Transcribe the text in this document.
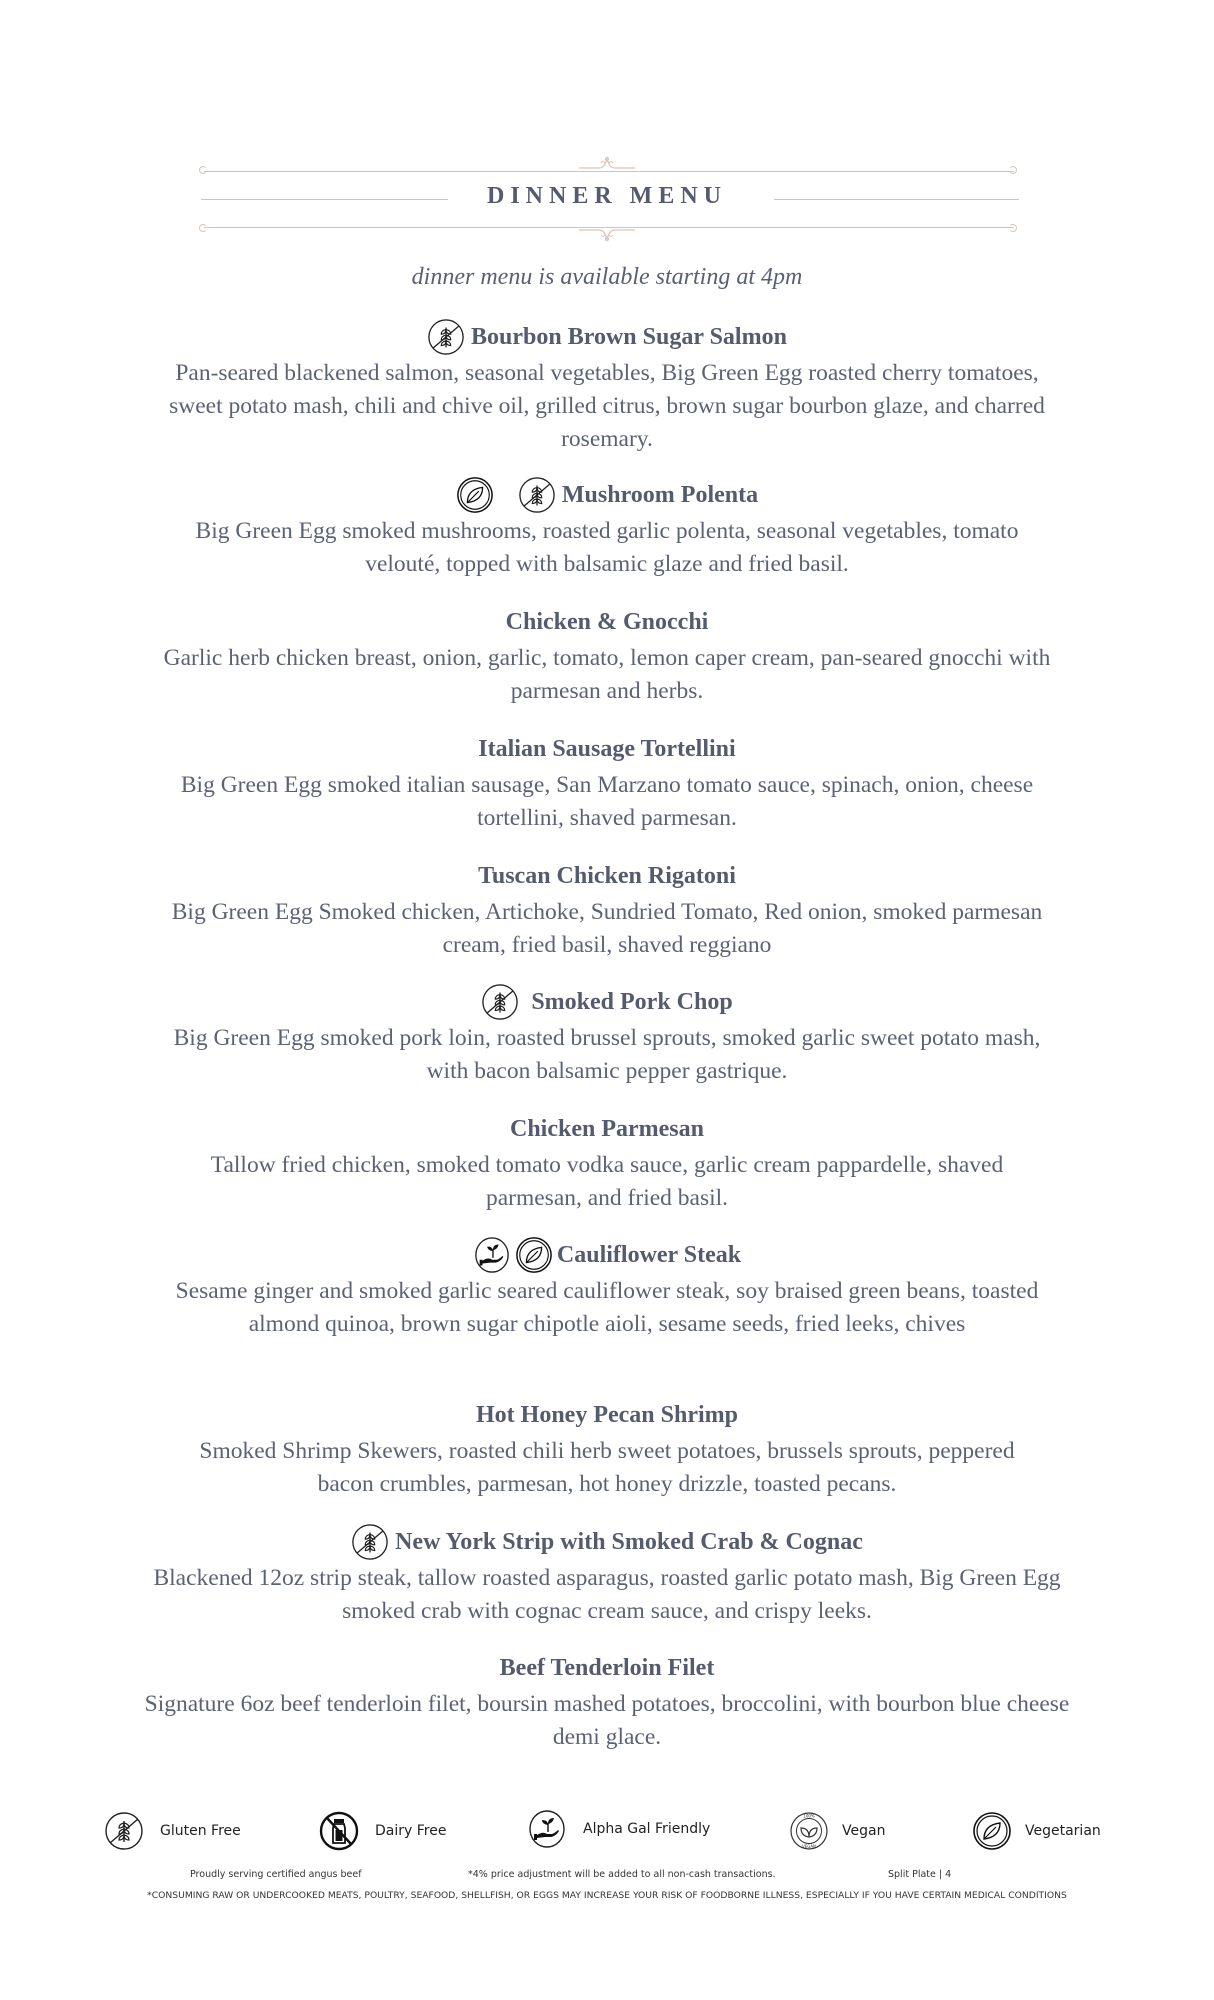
DINNER MENU
dinner menu is available starting at 4pm
Bourbon Brown Sugar Salmon
Pan-seared blackened salmon, seasonal vegetables, Big Green Egg roasted cherry tomatoes, sweet potato mash, chili and chive oil, grilled citrus, brown sugar bourbon glaze, and charred rosemary.
Mushroom Polenta
Big Green Egg smoked mushrooms, roasted garlic polenta, seasonal vegetables, tomato velouté, topped with balsamic glaze and fried basil.
Chicken & Gnocchi
Garlic herb chicken breast, onion, garlic, tomato, lemon caper cream, pan-seared gnocchi with parmesan and herbs.
Italian Sausage Tortellini
Big Green Egg smoked italian sausage, San Marzano tomato sauce, spinach, onion, cheese tortellini, shaved parmesan.
Tuscan Chicken Rigatoni
Big Green Egg Smoked chicken, Artichoke, Sundried Tomato, Red onion, smoked parmesan cream, fried basil, shaved reggiano
Smoked Pork Chop
Big Green Egg smoked pork loin, roasted brussel sprouts, smoked garlic sweet potato mash, with bacon balsamic pepper gastrique.
Chicken Parmesan
Tallow fried chicken, smoked tomato vodka sauce, garlic cream pappardelle, shaved parmesan, and fried basil.
Cauliflower Steak
Sesame ginger and smoked garlic seared cauliflower steak, soy braised green beans, toasted almond quinoa, brown sugar chipotle aioli, sesame seeds, fried leeks, chives
Hot Honey Pecan Shrimp
Smoked Shrimp Skewers, roasted chili herb sweet potatoes, brussels sprouts, peppered bacon crumbles, parmesan, hot honey drizzle, toasted pecans.
New York Strip with Smoked Crab & Cognac
Blackened 12oz strip steak, tallow roasted asparagus, roasted garlic potato mash, Big Green Egg smoked crab with cognac cream sauce, and crispy leeks.
Beef Tenderloin Filet
Signature 6oz beef tenderloin filet, boursin mashed potatoes, broccolini, with bourbon blue cheese demi glace.
Gluten Free	Dairy Free	Alpha Gal Friendly	Vegan	Vegetarian
Proudly serving certified angus beef	*4% price adjustment will be added to all non-cash transactions.	Split Plate | 4
*CONSUMING RAW OR UNDERCOOKED MEATS, POULTRY, SEAFOOD, SHELLFISH, OR EGGS MAY INCREASE YOUR RISK OF FOODBORNE ILLNESS, ESPECIALLY IF YOU HAVE CERTAIN MEDICAL CONDITIONS
